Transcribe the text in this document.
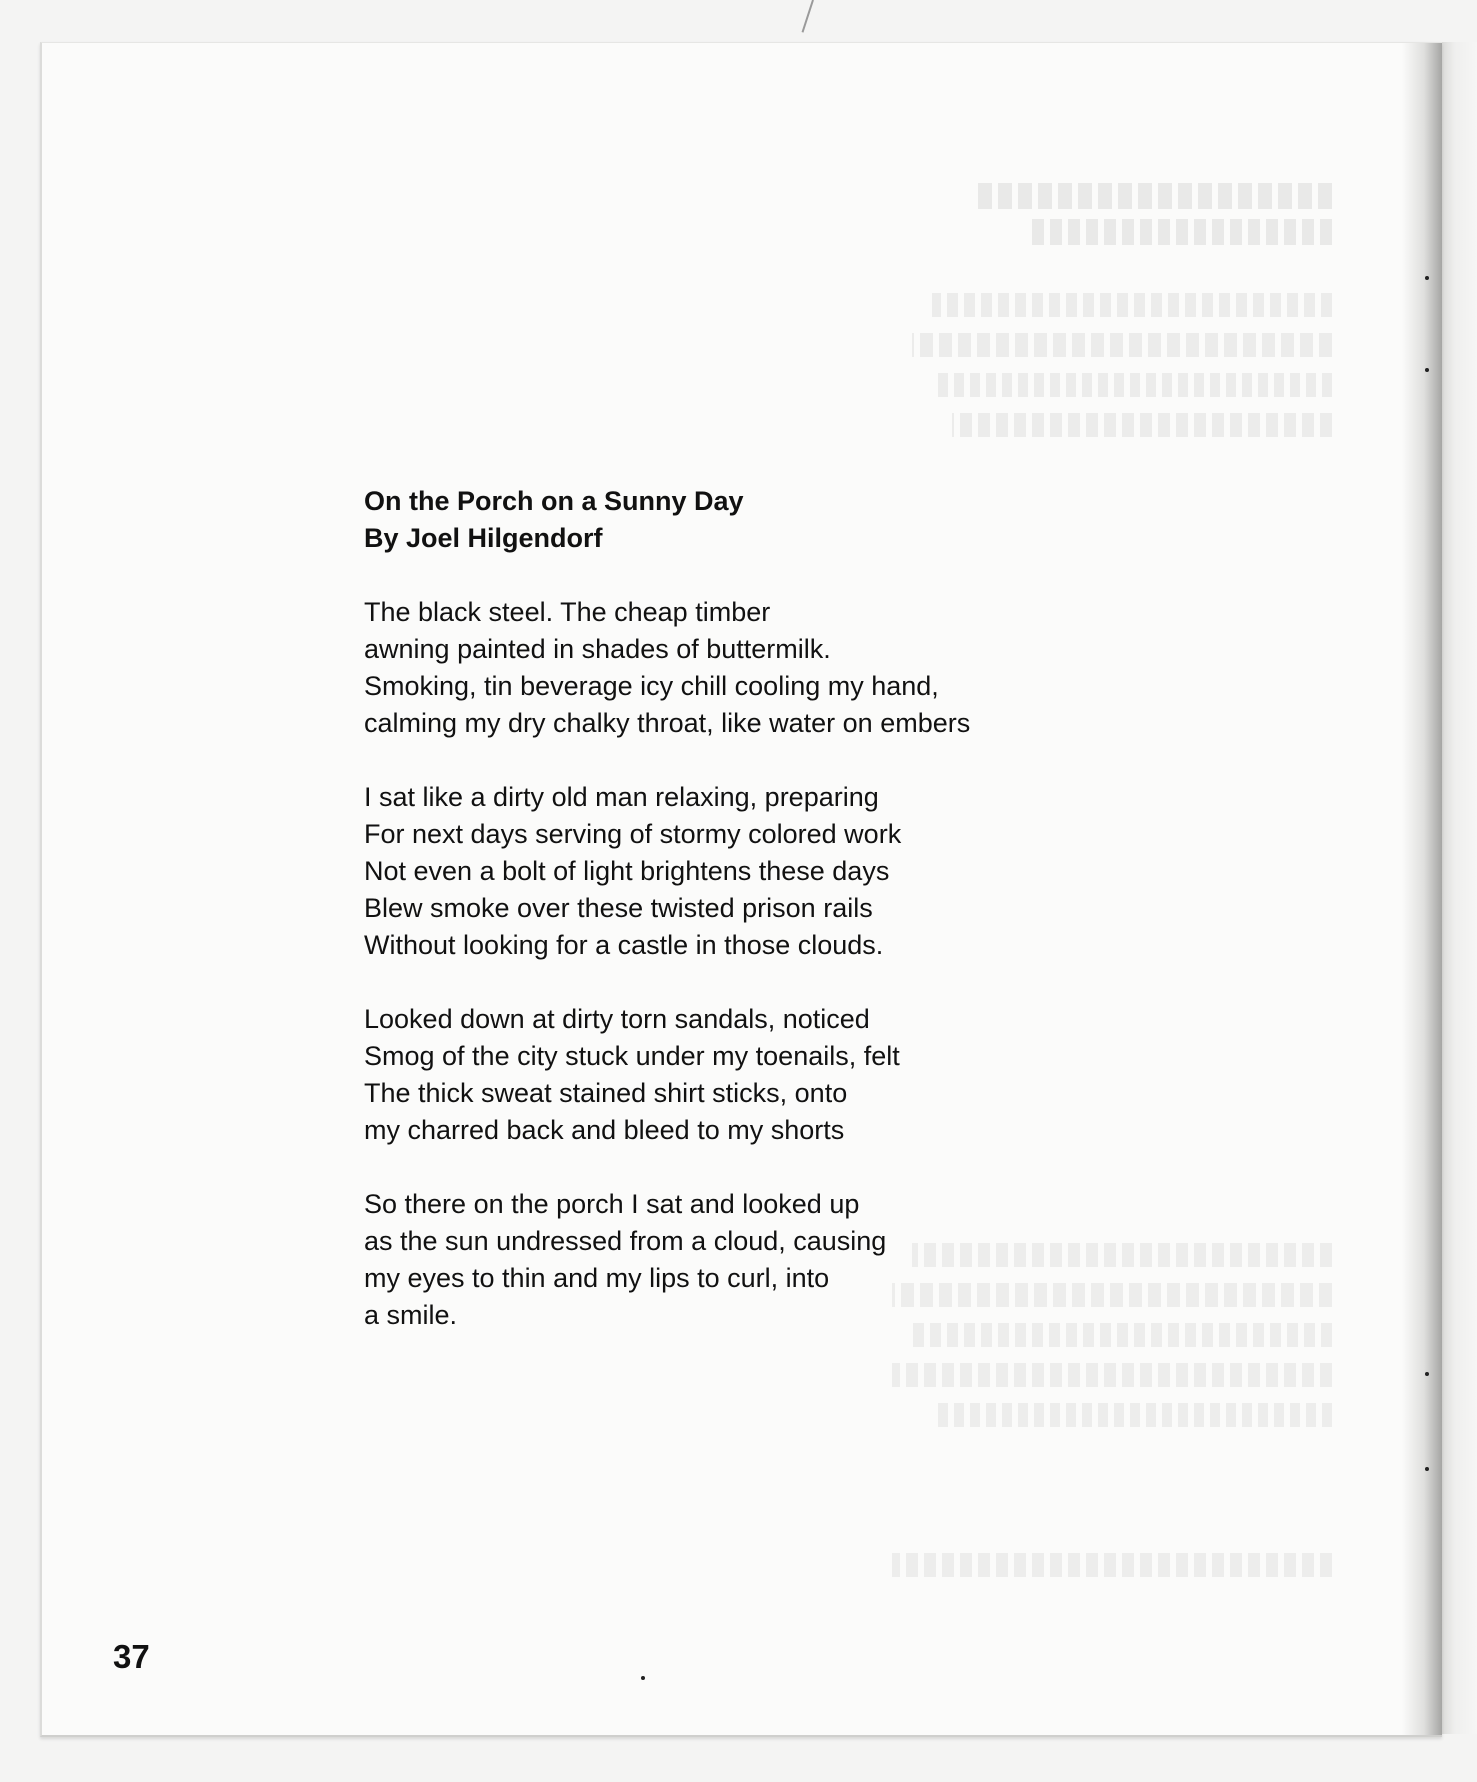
On the Porch on a Sunny Day
By Joel Hilgendorf
The black steel. The cheap timber
awning painted in shades of buttermilk.
Smoking, tin beverage icy chill cooling my hand,
calming my dry chalky throat, like water on embers
I sat like a dirty old man relaxing, preparing
For next days serving of stormy colored work
Not even a bolt of light brightens these days
Blew smoke over these twisted prison rails
Without looking for a castle in those clouds.
Looked down at dirty torn sandals, noticed
Smog of the city stuck under my toenails, felt
The thick sweat stained shirt sticks, onto
my charred back and bleed to my shorts
So there on the porch I sat and looked up
as the sun undressed from a cloud, causing
my eyes to thin and my lips to curl, into
a smile.
37
